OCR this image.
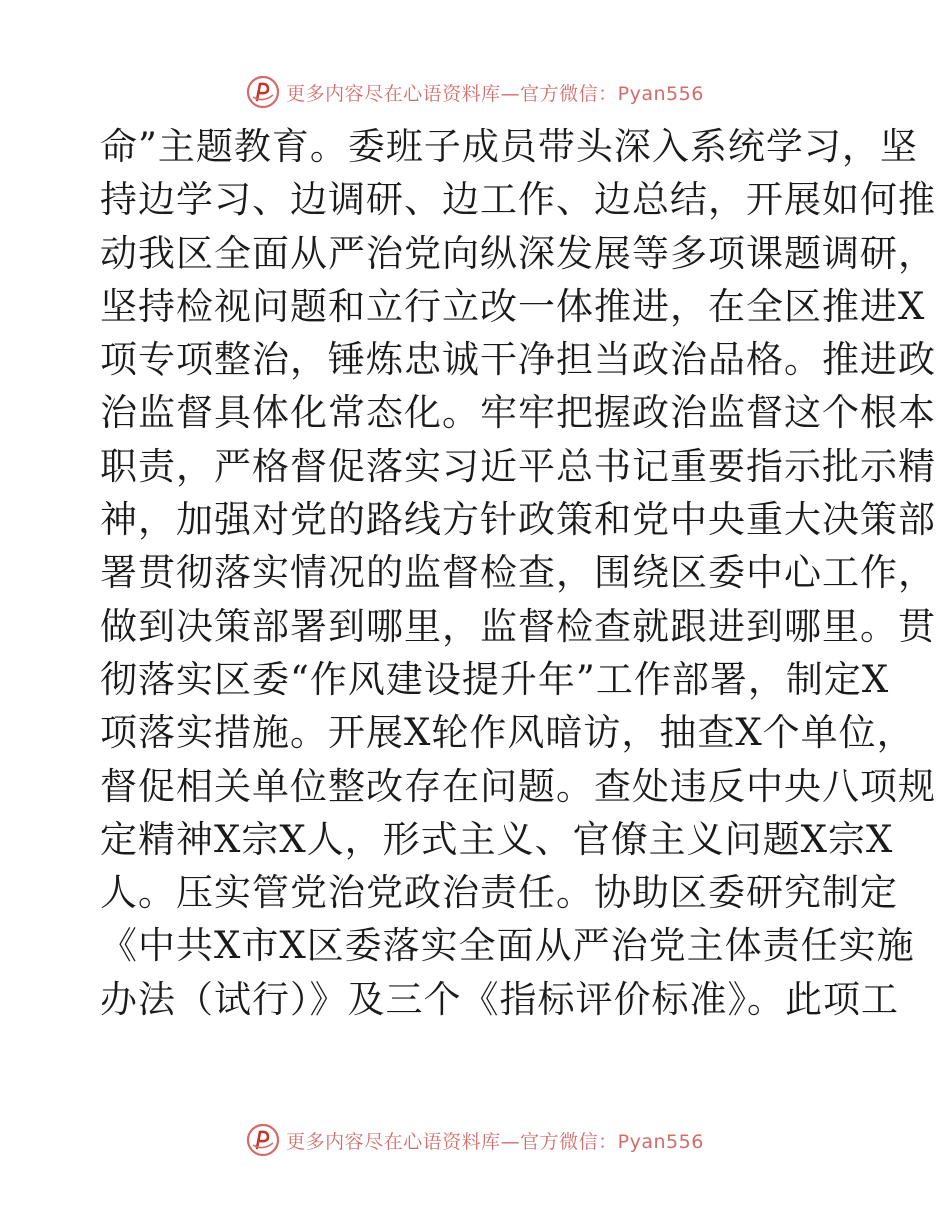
更多内容尽在心语资料库—官方微信：Pyan556
命”主题教育。委班子成员带头深入系统学习，坚
持边学习、边调研、边工作、边总结，开展如何推
动我区全面从严治党向纵深发展等多项课题调研，
坚持检视问题和立行立改一体推进，在全区推进X
项专项整治，锤炼忠诚干净担当政治品格。推进政
治监督具体化常态化。牢牢把握政治监督这个根本
职责，严格督促落实习近平总书记重要指示批示精
神，加强对党的路线方针政策和党中央重大决策部
署贯彻落实情况的监督检查，围绕区委中心工作，
做到决策部署到哪里，监督检查就跟进到哪里。贯
彻落实区委“作风建设提升年”工作部署，制定X
项落实措施。开展X轮作风暗访，抽查X个单位，
督促相关单位整改存在问题。查处违反中央八项规
定精神X宗X人，形式主义、官僚主义问题X宗X
人。压实管党治党政治责任。协助区委研究制定
《中共X市X区委落实全面从严治党主体责任实施
办法（试行）》及三个《指标评价标准》。此项工
更多内容尽在心语资料库—官方微信：Pyan556
